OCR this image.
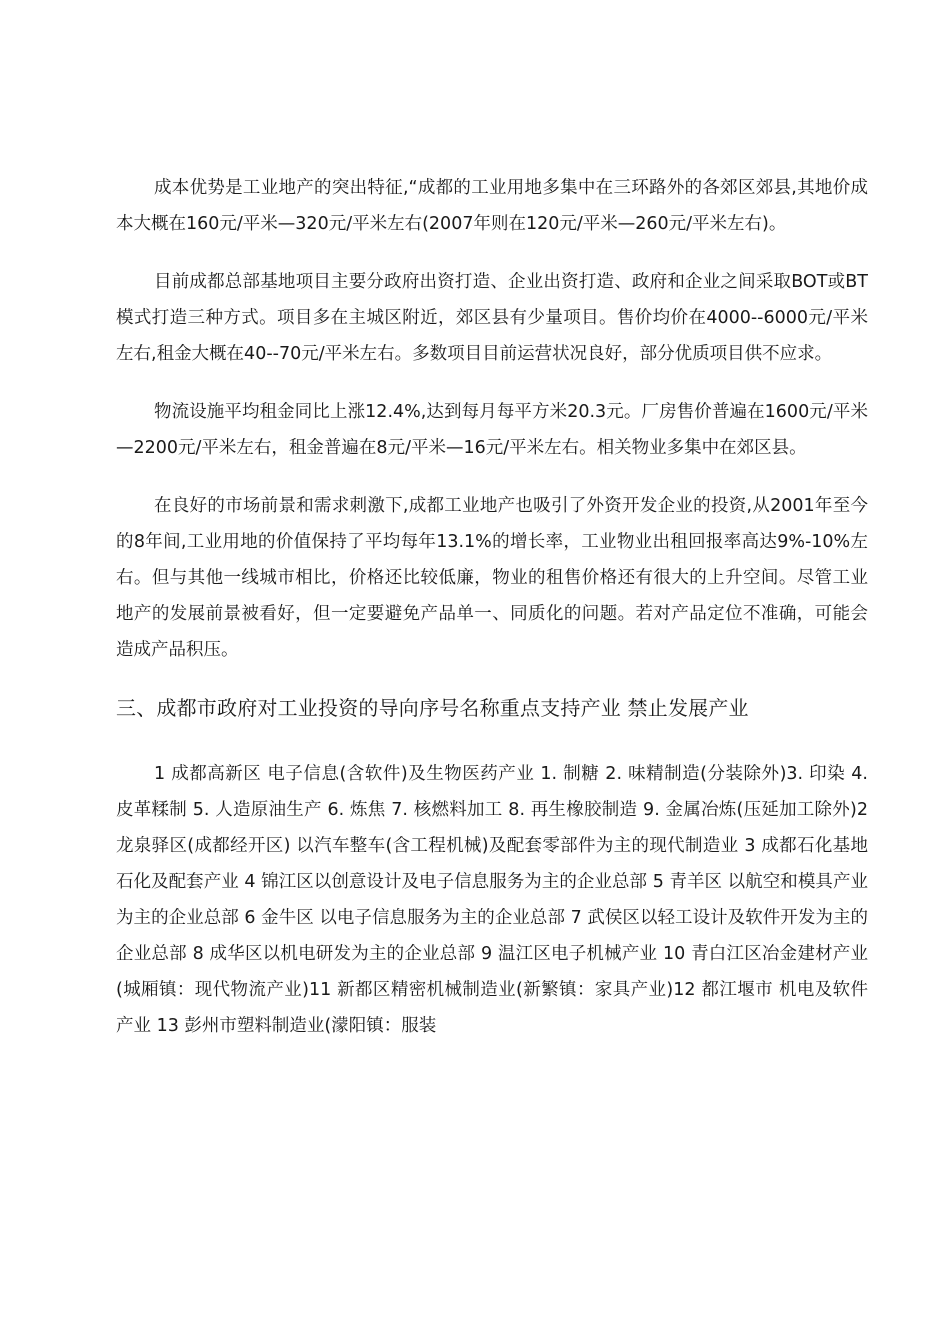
成本优势是工业地产的突出特征,“成都的工业用地多集中在三环路外的各郊区郊县,其地价成本大概在160元/平米—320元/平米左右(2007年则在120元/平米—260元/平米左右)。

目前成都总部基地项目主要分政府出资打造、企业出资打造、政府和企业之间采取BOT或BT模式打造三种方式。项目多在主城区附近，郊区县有少量项目。售价均价在4000--6000元/平米左右,租金大概在40--70元/平米左右。多数项目目前运营状况良好，部分优质项目供不应求。

物流设施平均租金同比上涨12.4%,达到每月每平方米20.3元。厂房售价普遍在1600元/平米—2200元/平米左右，租金普遍在8元/平米—16元/平米左右。相关物业多集中在郊区县。

在良好的市场前景和需求刺激下,成都工业地产也吸引了外资开发企业的投资,从2001年至今的8年间,工业用地的价值保持了平均每年13.1%的增长率，工业物业出租回报率高达9%-10%左右。但与其他一线城市相比，价格还比较低廉，物业的租售价格还有很大的上升空间。尽管工业地产的发展前景被看好，但一定要避免产品单一、同质化的问题。若对产品定位不准确，可能会造成产品积压。

三、成都市政府对工业投资的导向序号名称重点支持产业 禁止发展产业

1 成都高新区 电子信息(含软件)及生物医药产业 1. 制糖 2. 味精制造(分装除外)3. 印染 4. 皮革糅制 5. 人造原油生产 6. 炼焦 7. 核燃料加工 8. 再生橡胶制造 9. 金属冶炼(压延加工除外)2 龙泉驿区(成都经开区) 以汽车整车(含工程机械)及配套零部件为主的现代制造业 3 成都石化基地 石化及配套产业 4 锦江区以创意设计及电子信息服务为主的企业总部 5 青羊区 以航空和模具产业为主的企业总部 6 金牛区 以电子信息服务为主的企业总部 7 武侯区以轻工设计及软件开发为主的企业总部 8 成华区以机电研发为主的企业总部 9 温江区电子机械产业 10 青白江区冶金建材产业(城厢镇：现代物流产业)11 新都区精密机械制造业(新繁镇：家具产业)12 都江堰市 机电及软件产业 13 彭州市塑料制造业(濛阳镇：服装
